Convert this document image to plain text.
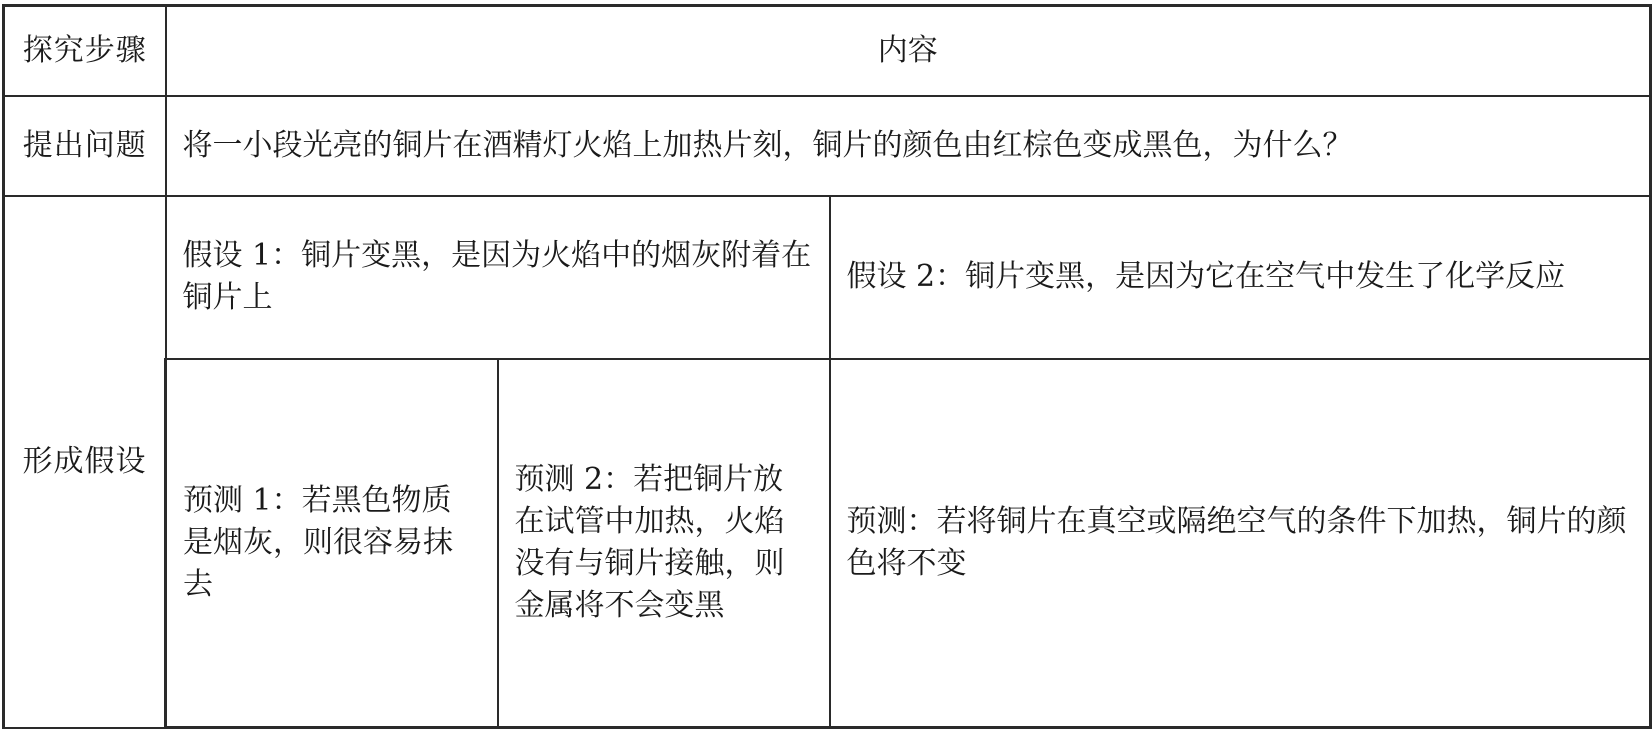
探究步骤	内容		
提出问题	将一小段光亮的铜片在酒精灯火焰上加热片刻，铜片的颜色由红棕色变成黑色，为什么？		
形成假设	假设 1：铜片变黑，是因为火焰中的烟灰附着在铜片上		假设 2：铜片变黑，是因为它在空气中发生了化学反应
	预测 1：若黑色物质是烟灰，则很容易抹去	预测 2：若把铜片放在试管中加热，火焰没有与铜片接触，则金属将不会变黑	预测：若将铜片在真空或隔绝空气的条件下加热，铜片的颜色将不变
